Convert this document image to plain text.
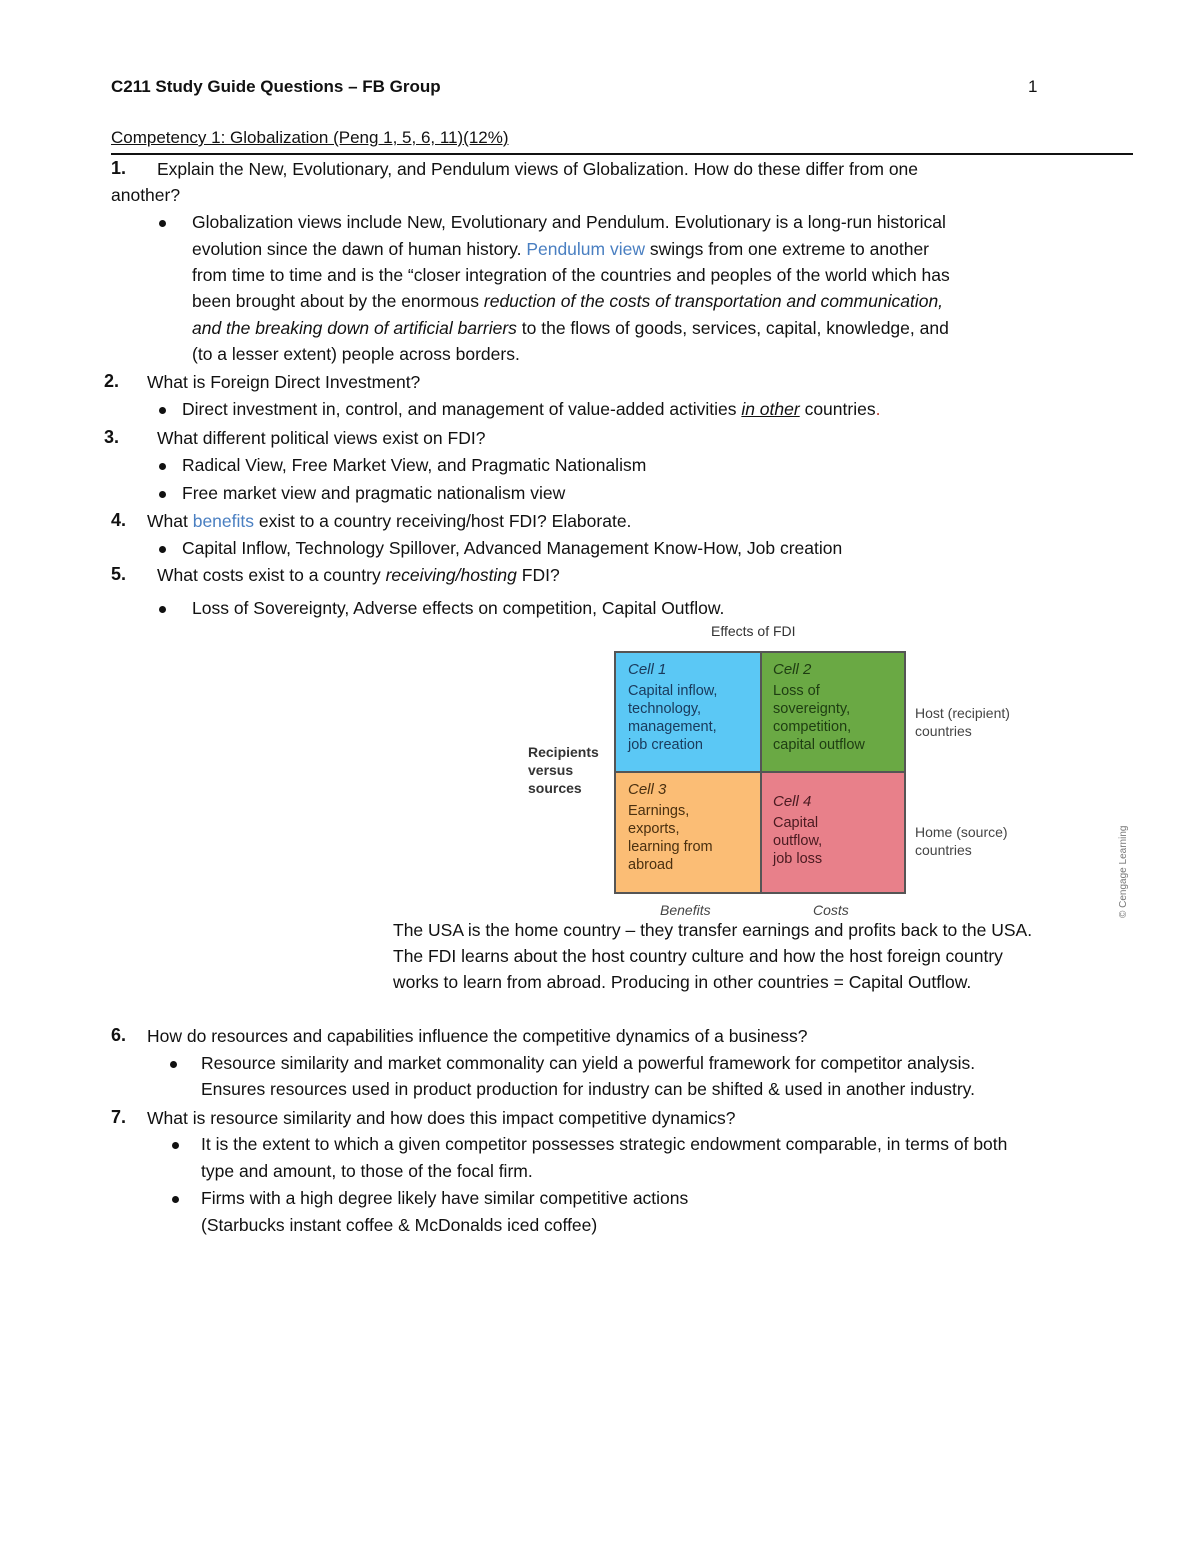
C211 Study Guide Questions – FB Group	1
Competency 1: Globalization (Peng 1, 5, 6, 11)(12%)
1. Explain the New, Evolutionary, and Pendulum views of Globalization. How do these differ from one
another?
Globalization views include New, Evolutionary and Pendulum. Evolutionary is a long-run historical
evolution since the dawn of human history. Pendulum view swings from one extreme to another
from time to time and is the “closer integration of the countries and peoples of the world which has
been brought about by the enormous reduction of the costs of transportation and communication,
and the breaking down of artificial barriers to the flows of goods, services, capital, knowledge, and
(to a lesser extent) people across borders.
2. What is Foreign Direct Investment?
Direct investment in, control, and management of value-added activities in other countries.
3. What different political views exist on FDI?
Radical View, Free Market View, and Pragmatic Nationalism
Free market view and pragmatic nationalism view
4. What benefits exist to a country receiving/host FDI? Elaborate.
Capital Inflow, Technology Spillover, Advanced Management Know-How, Job creation
5. What costs exist to a country receiving/hosting FDI?
Loss of Sovereignty, Adverse effects on competition, Capital Outflow.
Effects of FDI
Recipients
versus
sources
Cell 1
Capital inflow,
technology,
management,
job creation
Cell 2
Loss of
sovereignty,
competition,
capital outflow
Cell 3
Earnings,
exports,
learning from
abroad
Cell 4
Capital
outflow,
job loss
Host (recipient)
countries
Home (source)
countries
Benefits	Costs	© Cengage Learning
The USA is the home country – they transfer earnings and profits back to the USA.
The FDI learns about the host country culture and how the host foreign country
works to learn from abroad. Producing in other countries = Capital Outflow.
6. How do resources and capabilities influence the competitive dynamics of a business?
Resource similarity and market commonality can yield a powerful framework for competitor analysis.
Ensures resources used in product production for industry can be shifted & used in another industry.
7. What is resource similarity and how does this impact competitive dynamics?
It is the extent to which a given competitor possesses strategic endowment comparable, in terms of both
type and amount, to those of the focal firm.
Firms with a high degree likely have similar competitive actions
(Starbucks instant coffee & McDonalds iced coffee)
